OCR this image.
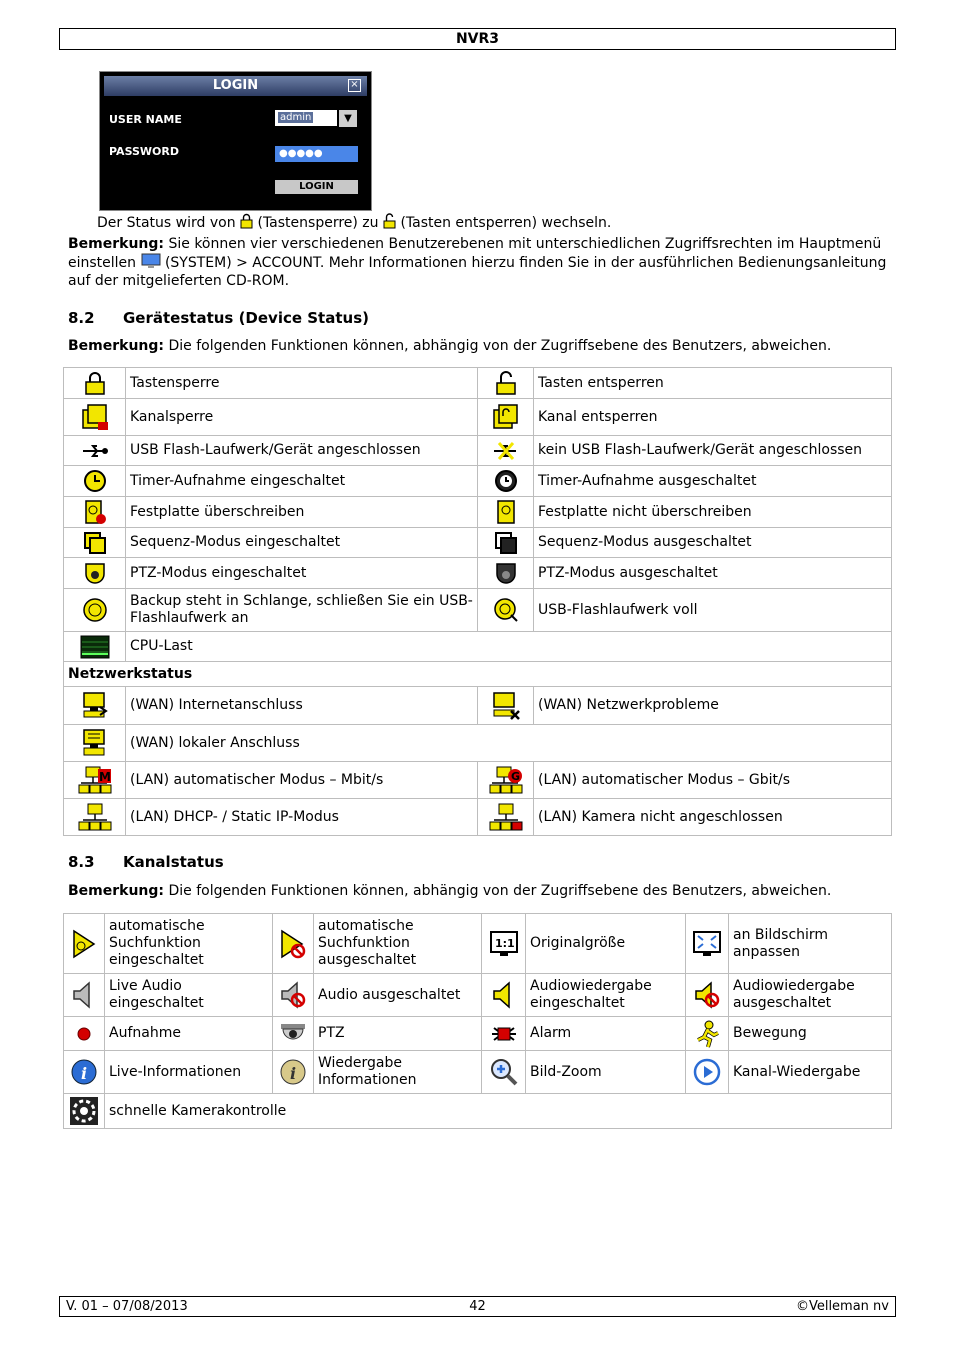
NVR3
LOGIN	×
USER NAME	admin	▼
PASSWORD	●●●●●
LOGIN
Der Status wird von (Tastensperre) zu (Tasten entsperren) wechseln.
Bemerkung: Sie können vier verschiedenen Benutzerebenen mit unterschiedlichen Zugriffsrechten im Hauptmenü einstellen  (SYSTEM) > ACCOUNT. Mehr Informationen hierzu finden Sie in der ausführlichen Bedienungsanleitung auf der mitgelieferten CD-ROM.
8.2 Gerätestatus (Device Status)
Bemerkung: Die folgenden Funktionen können, abhängig von der Zugriffsebene des Benutzers, abweichen.
	Tastensperre		Tasten entsperren

	Kanalsperre		Kanal entsperren

	USB Flash-Laufwerk/Gerät angeschlossen		kein USB Flash-Laufwerk/Gerät angeschlossen

	Timer-Aufnahme eingeschaltet		Timer-Aufnahme ausgeschaltet

	Festplatte überschreiben		Festplatte nicht überschreiben

	Sequenz-Modus eingeschaltet		Sequenz-Modus ausgeschaltet

	PTZ-Modus eingeschaltet		PTZ-Modus ausgeschaltet

	Backup steht in Schlange, schließen Sie ein USB-Flashlaufwerk an		USB-Flashlaufwerk voll

	CPU-Last		
Netzwerkstatus			

	(WAN) Internetanschluss		(WAN) Netzwerkprobleme

	(WAN) lokaler Anschluss		

M	(LAN) automatischer Modus – Mbit/s	G	(LAN) automatischer Modus – Gbit/s

	(LAN) DHCP- / Static IP-Modus		(LAN) Kamera nicht angeschlossen
8.3 Kanalstatus
Bemerkung: Die folgenden Funktionen können, abhängig von der Zugriffsebene des Benutzers, abweichen.
	automatische Suchfunktion eingeschaltet		automatische Suchfunktion ausgeschaltet	1:1	Originalgröße		an Bildschirm anpassen

	Live Audio eingeschaltet		Audio ausgeschaltet		Audiowiedergabe eingeschaltet		Audiowiedergabe ausgeschaltet

	Aufnahme		PTZ		Alarm		Bewegung

i	Live-Informationen	i	Wiedergabe Informationen		Bild-Zoom		Kanal-Wiedergabe

	schnelle Kamerakontrolle						
V. 01 – 07/08/2013	42	©Velleman nv
